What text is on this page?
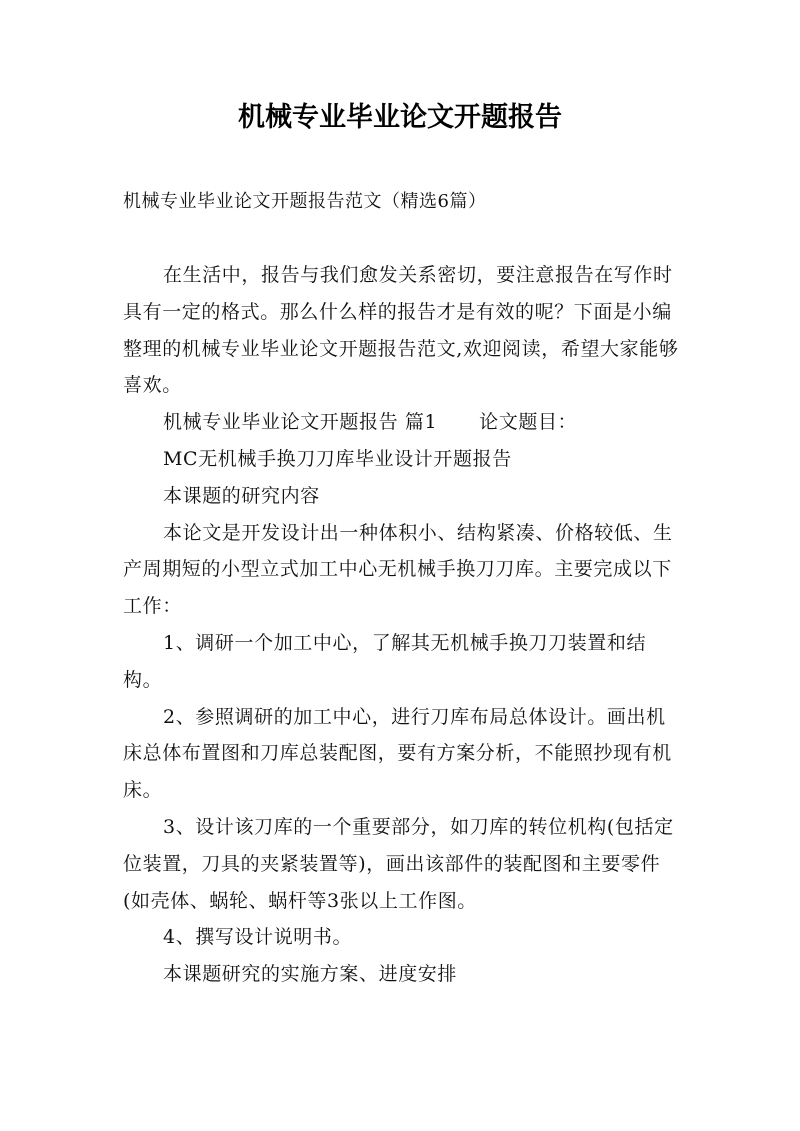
机械专业毕业论文开题报告

机械专业毕业论文开题报告范文（精选6篇）

在生活中，报告与我们愈发关系密切，要注意报告在写作时具有一定的格式。那么什么样的报告才是有效的呢？下面是小编整理的机械专业毕业论文开题报告范文,欢迎阅读，希望大家能够喜欢。

机械专业毕业论文开题报告 篇1 论文题目：

MC无机械手换刀刀库毕业设计开题报告

本课题的研究内容

本论文是开发设计出一种体积小、结构紧凑、价格较低、生产周期短的小型立式加工中心无机械手换刀刀库。主要完成以下工作：

1、调研一个加工中心，了解其无机械手换刀刀装置和结构。

2、参照调研的加工中心，进行刀库布局总体设计。画出机床总体布置图和刀库总装配图，要有方案分析，不能照抄现有机床。

3、设计该刀库的一个重要部分，如刀库的转位机构(包括定位装置，刀具的夹紧装置等)，画出该部件的装配图和主要零件(如壳体、蜗轮、蜗杆等3张以上工作图。

4、撰写设计说明书。

本课题研究的实施方案、进度安排
